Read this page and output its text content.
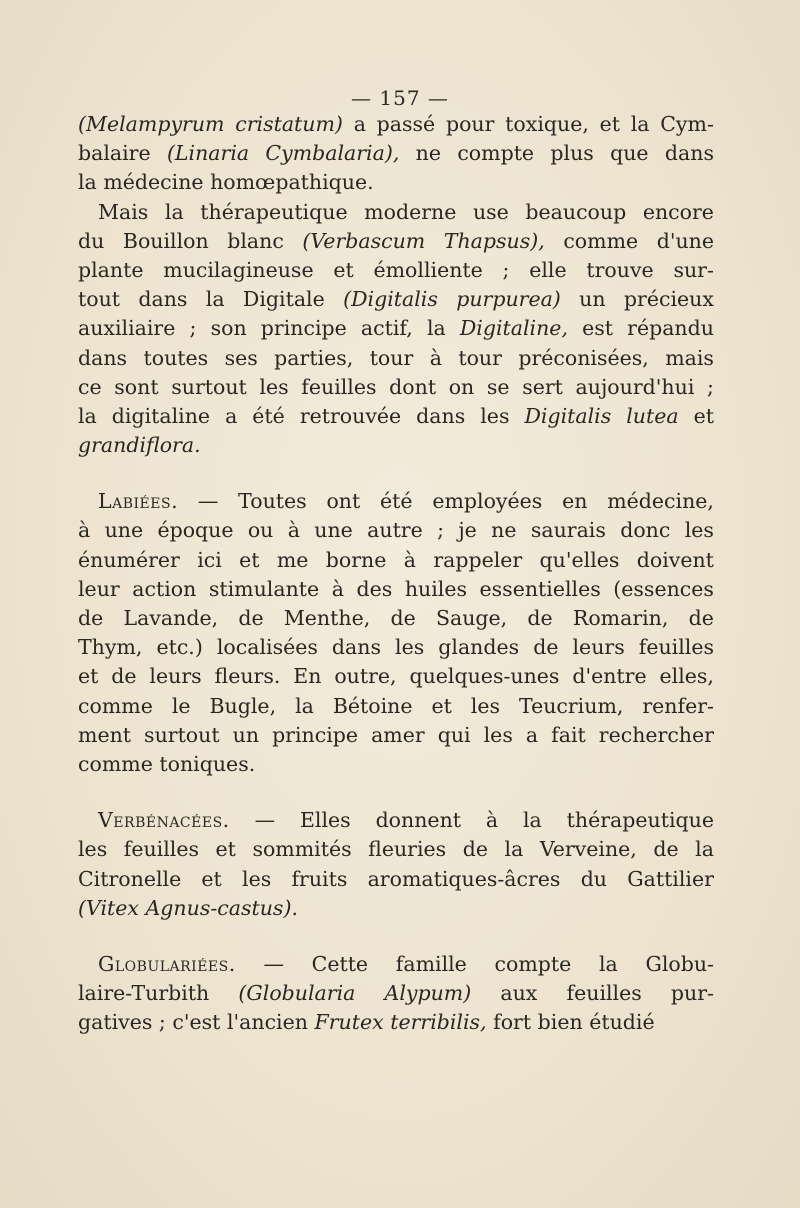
— 157 —
(Melampyrum cristatum) a passé pour toxique, et la Cym-
balaire (Linaria Cymbalaria), ne compte plus que dans
la médecine homœpathique.
Mais la thérapeutique moderne use beaucoup encore
du Bouillon blanc (Verbascum Thapsus), comme d'une
plante mucilagineuse et émolliente ; elle trouve sur-
tout dans la Digitale (Digitalis purpurea) un précieux
auxiliaire ; son principe actif, la Digitaline, est répandu
dans toutes ses parties, tour à tour préconisées, mais
ce sont surtout les feuilles dont on se sert aujourd'hui ;
la digitaline a été retrouvée dans les Digitalis lutea et
grandiflora.
Labiées. — Toutes ont été employées en médecine,
à une époque ou à une autre ; je ne saurais donc les
énumérer ici et me borne à rappeler qu'elles doivent
leur action stimulante à des huiles essentielles (essences
de Lavande, de Menthe, de Sauge, de Romarin, de
Thym, etc.) localisées dans les glandes de leurs feuilles
et de leurs fleurs. En outre, quelques-unes d'entre elles,
comme le Bugle, la Bétoine et les Teucrium, renfer-
ment surtout un principe amer qui les a fait rechercher
comme toniques.
Verbénacées. — Elles donnent à la thérapeutique
les feuilles et sommités fleuries de la Verveine, de la
Citronelle et les fruits aromatiques-âcres du Gattilier
(Vitex Agnus-castus).
Globulariées. — Cette famille compte la Globu-
laire-Turbith (Globularia Alypum) aux feuilles pur-
gatives ; c'est l'ancien Frutex terribilis, fort bien étudié
